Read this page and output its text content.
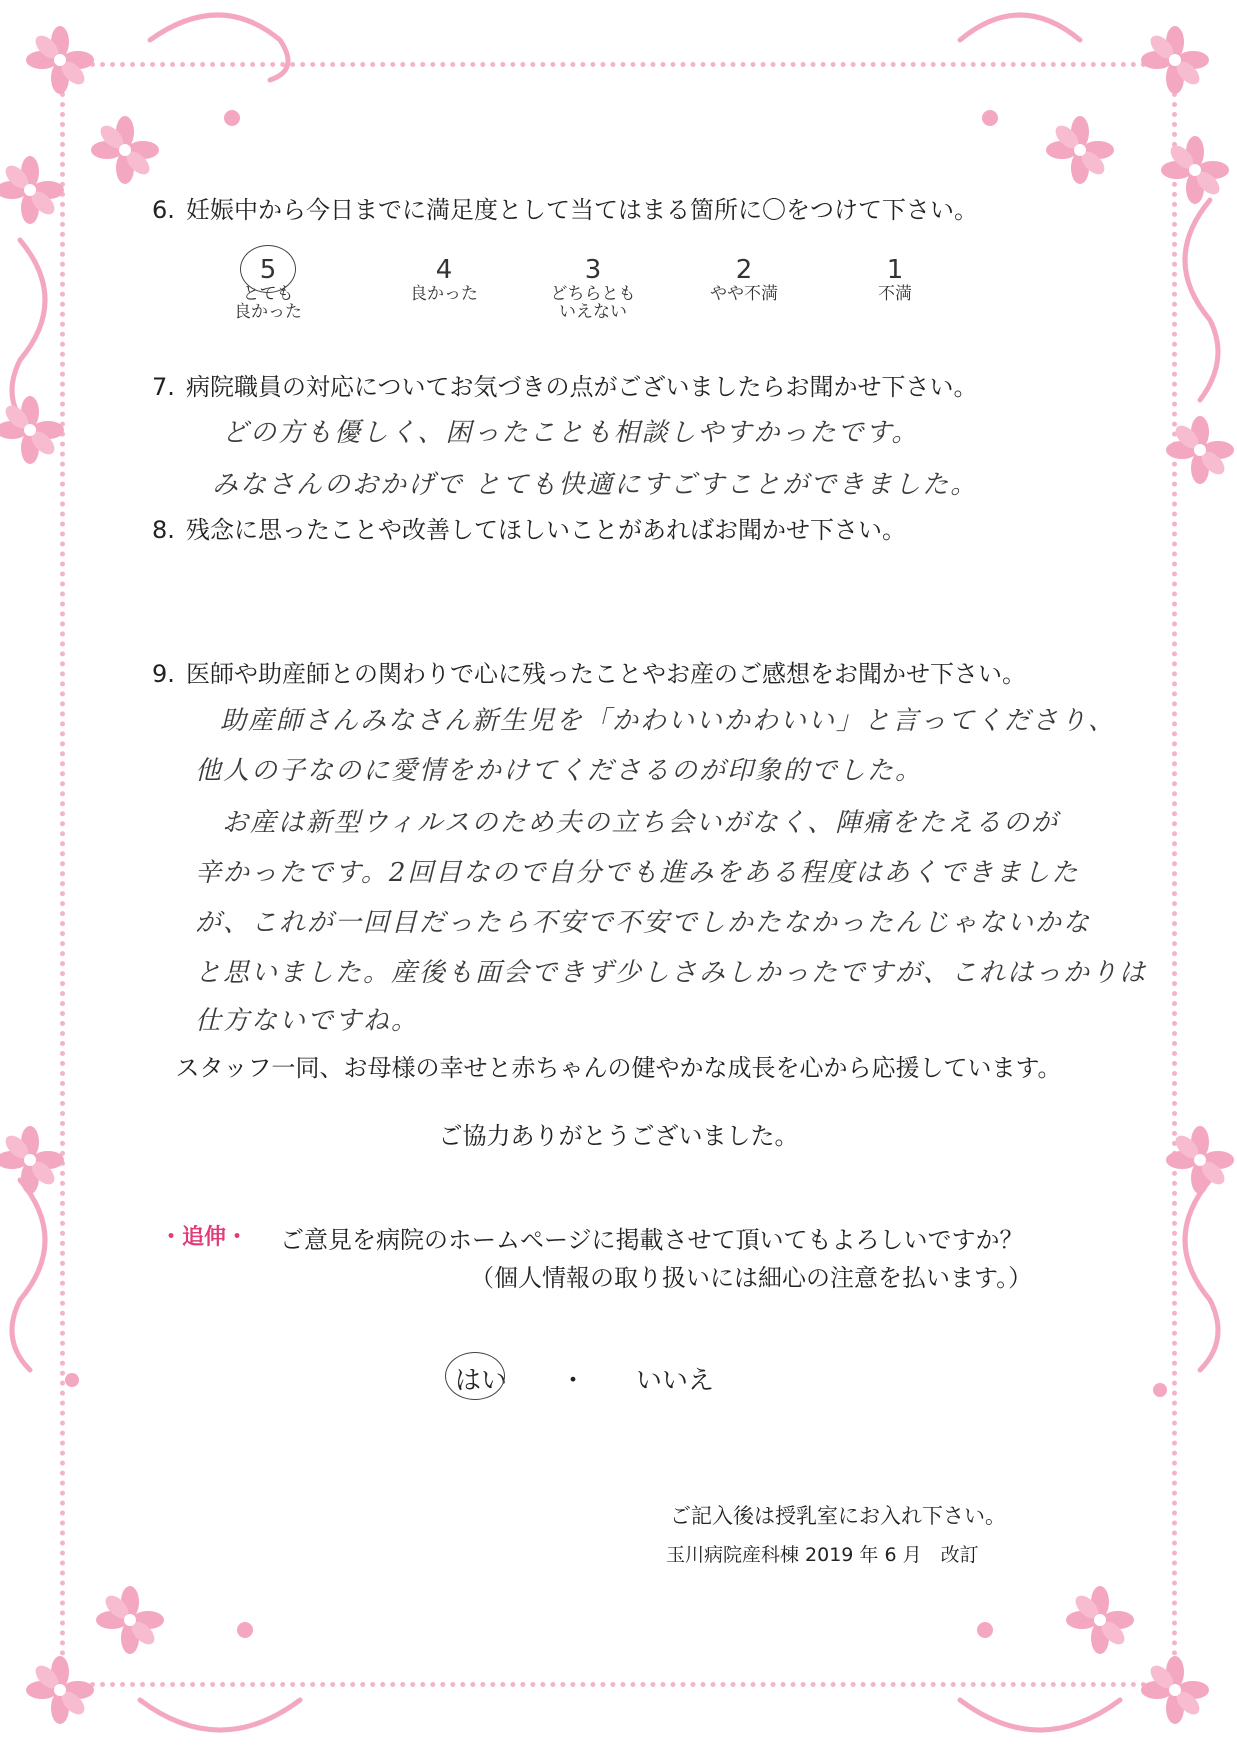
6. 妊娠中から今日までに満足度として当てはまる箇所に〇をつけて下さい。
5
とても
良かった
4
良かった
3
どちらとも
いえない
2
やや不満
1
不満
7. 病院職員の対応についてお気づきの点がございましたらお聞かせ下さい。
どの方も優しく、困ったことも相談しやすかったです。
みなさんのおかげで とても快適にすごすことができました。
8. 残念に思ったことや改善してほしいことがあればお聞かせ下さい。
9. 医師や助産師との関わりで心に残ったことやお産のご感想をお聞かせ下さい。
助産師さんみなさん新生児を「かわいいかわいい」と言ってくださり、
他人の子なのに愛情をかけてくださるのが印象的でした。
お産は新型ウィルスのため夫の立ち会いがなく、陣痛をたえるのが
辛かったです。2回目なので自分でも進みをある程度はあくできました
が、これが一回目だったら不安で不安でしかたなかったんじゃないかな
と思いました。産後も面会できず少しさみしかったですが、これはっかりは
仕方ないですね。
スタッフ一同、お母様の幸せと赤ちゃんの健やかな成長を心から応援しています。
ご協力ありがとうございました。
・追伸・ ご意見を病院のホームページに掲載させて頂いてもよろしいですか？
（個人情報の取り扱いには細心の注意を払います。）
はい ・ いいえ
ご記入後は授乳室にお入れ下さい。
玉川病院産科棟 2019 年 6 月　改訂
